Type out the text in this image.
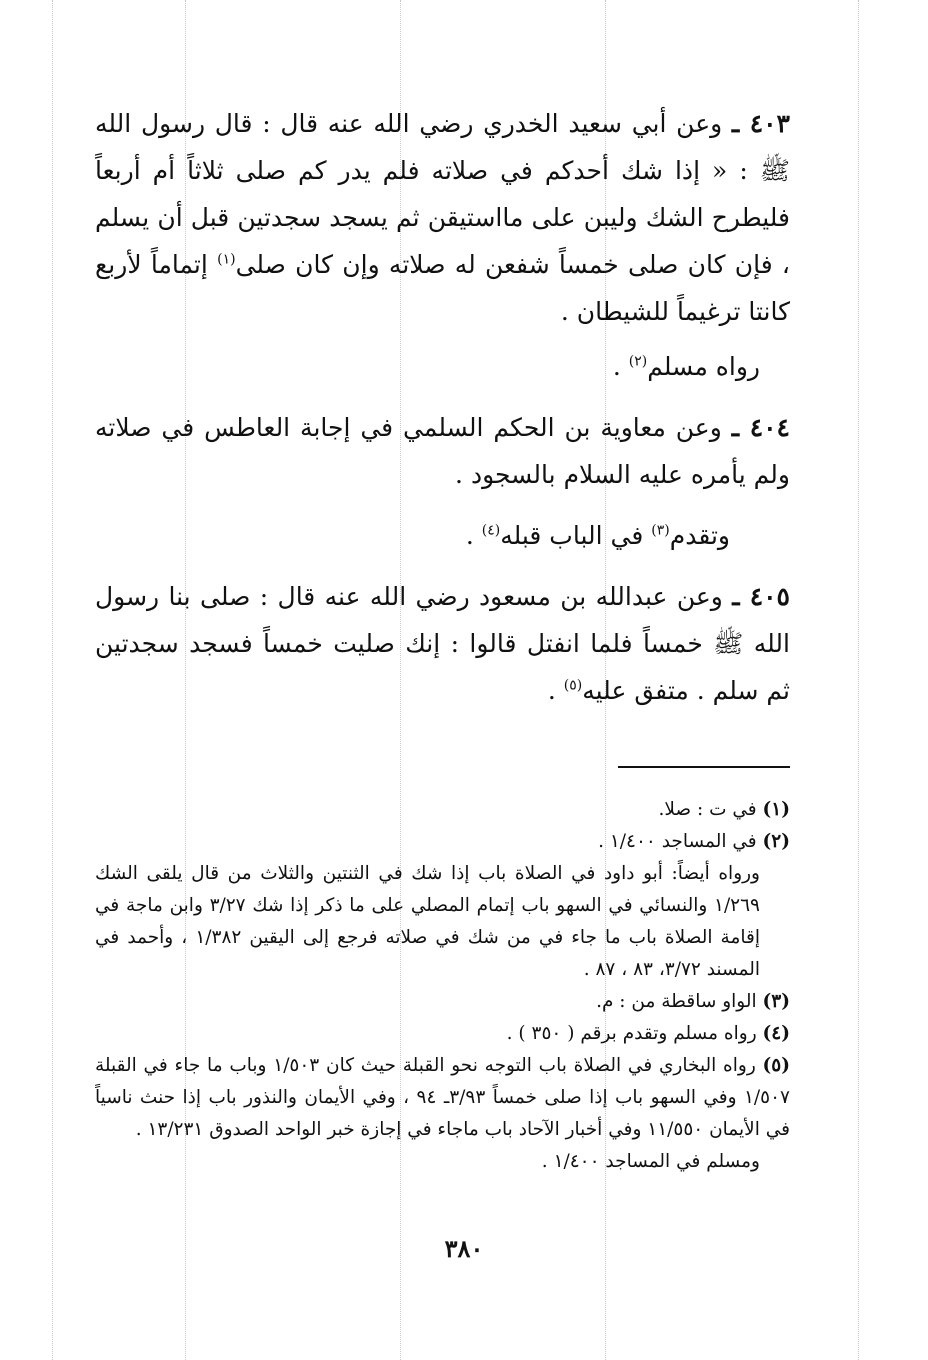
٤٠٣ ـ وعن أبي سعيد الخدري رضي الله عنه قال : قال رسول الله ﷺ : « إذا شك أحدكم في صلاته فلم يدر كم صلى ثلاثاً أم أربعاً فليطرح الشك وليبن على مااستيقن ثم يسجد سجدتين قبل أن يسلم ، فإن كان صلى خمساً شفعن له صلاته وإن كان صلى$^{(١)}$ إتماماً لأربع كانتا ترغيماً للشيطان .

رواه مسلم$^{(٢)}$ .

٤٠٤ ـ وعن معاوية بن الحكم السلمي في إجابة العاطس في صلاته ولم يأمره عليه السلام بالسجود .

وتقدم$^{(٣)}$ في الباب قبله$^{(٤)}$ .

٤٠٥ ـ وعن عبدالله بن مسعود رضي الله عنه قال : صلى بنا رسول الله ﷺ خمساً فلما انفتل قالوا : إنك صليت خمساً فسجد سجدتين ثم سلم . متفق عليه$^{(٥)}$ .

(١) في ت : صلا.

(٢) في المساجد ١/٤٠٠ .

ورواه أيضاً: أبو داود في الصلاة باب إذا شك في الثنتين والثلاث من قال يلقى الشك ١/٢٦٩ والنسائي في السهو باب إتمام المصلي على ما ذكر إذا شك ٣/٢٧ وابن ماجة في إقامة الصلاة باب ما جاء في من شك في صلاته فرجع إلى اليقين ١/٣٨٢ ، وأحمد في المسند ٣/٧٢، ٨٣ ، ٨٧ .

(٣) الواو ساقطة من : م.

(٤) رواه مسلم وتقدم برقم ( ٣٥٠ ) .

(٥) رواه البخاري في الصلاة باب التوجه نحو القبلة حيث كان ١/٥٠٣ وباب ما جاء في القبلة ١/٥٠٧ وفي السهو باب إذا صلى خمساً ٣/٩٣ـ ٩٤ ، وفي الأيمان والنذور باب إذا حنث ناسياً في الأيمان ١١/٥٥٠ وفي أخبار الآحاد باب ماجاء في إجازة خبر الواحد الصدوق ١٣/٢٣١ .

ومسلم في المساجد ١/٤٠٠ .

٣٨٠
